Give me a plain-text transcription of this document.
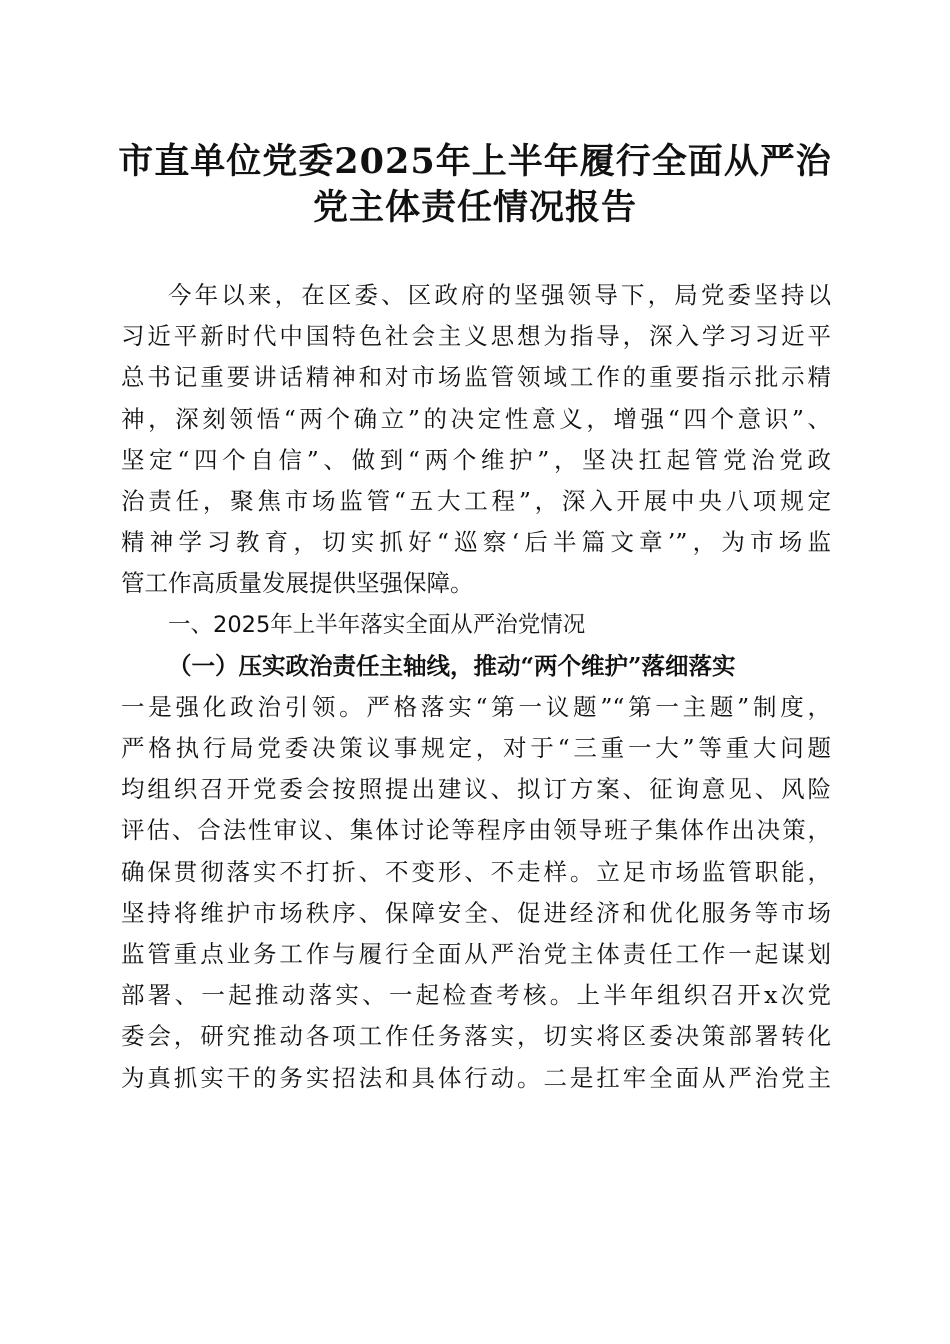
市直单位党委2025年上半年履行全面从严治
党主体责任情况报告
今年以来，在区委、区政府的坚强领导下，局党委坚持以
习近平新时代中国特色社会主义思想为指导，深入学习习近平
总书记重要讲话精神和对市场监管领域工作的重要指示批示精
神，深刻领悟“两个确立”的决定性意义，增强“四个意识”、
坚定“四个自信”、做到“两个维护”，坚决扛起管党治党政
治责任，聚焦市场监管“五大工程”，深入开展中央八项规定
精神学习教育，切实抓好“巡察‘后半篇文章’”，为市场监
管工作高质量发展提供坚强保障。
一、2025年上半年落实全面从严治党情况
（一）压实政治责任主轴线，推动“两个维护”落细落实
一是强化政治引领。严格落实“第一议题”“第一主题”制度，
严格执行局党委决策议事规定，对于“三重一大”等重大问题
均组织召开党委会按照提出建议、拟订方案、征询意见、风险
评估、合法性审议、集体讨论等程序由领导班子集体作出决策，
确保贯彻落实不打折、不变形、不走样。立足市场监管职能，
坚持将维护市场秩序、保障安全、促进经济和优化服务等市场
监管重点业务工作与履行全面从严治党主体责任工作一起谋划
部署、一起推动落实、一起检查考核。上半年组织召开x次党
委会，研究推动各项工作任务落实，切实将区委决策部署转化
为真抓实干的务实招法和具体行动。二是扛牢全面从严治党主
